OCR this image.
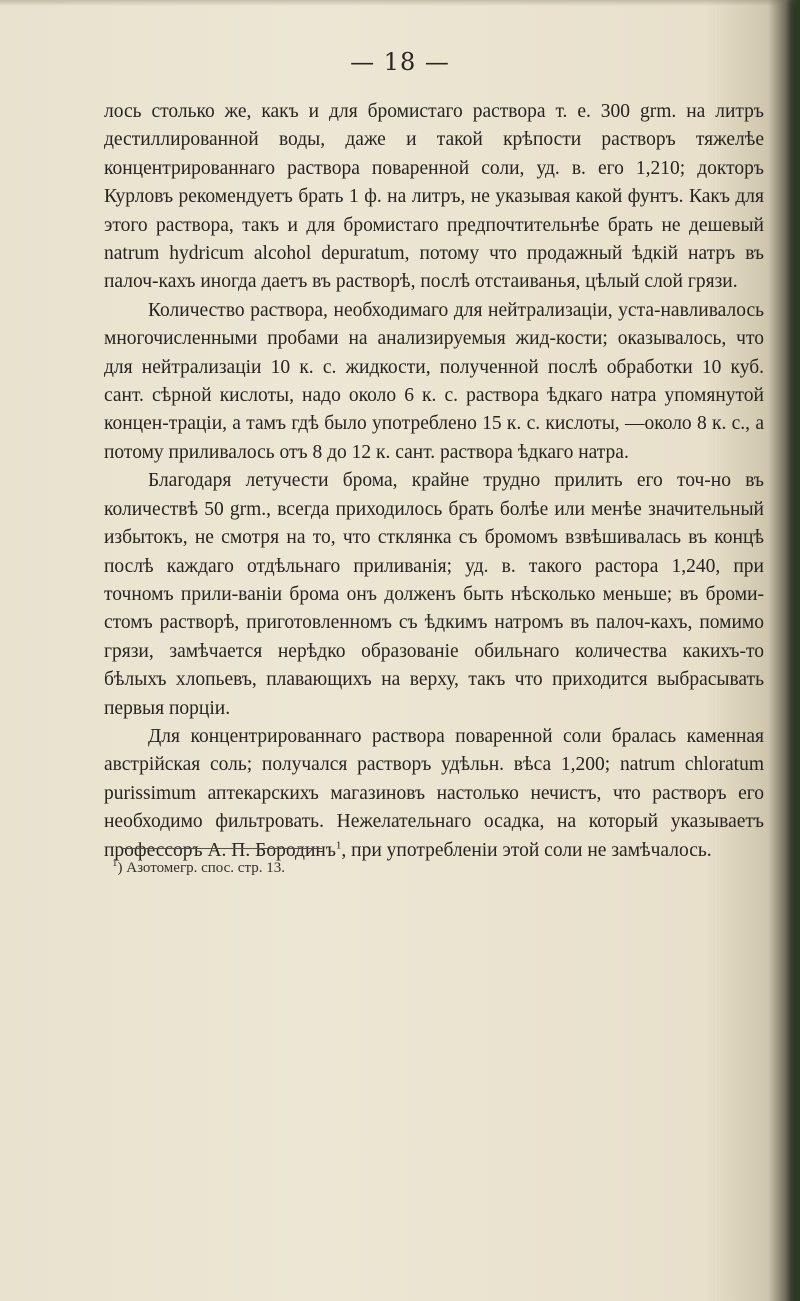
— 18 —

лось столько же, какъ и для бромистаго раствора т. е. 300 grm. на литръ дестиллированной воды, даже и такой крѣпости растворъ тяжелѣе концентрированнаго раствора поваренной соли, уд. в. его 1,210; докторъ Курловъ рекомендуетъ брать 1 ф. на литръ, не указывая какой фунтъ. Какъ для этого раствора, такъ и для бромистаго предпочтительнѣе брать не дешевый natrum hydricum alcohol depuratum, потому что продажный ѣдкій натръ въ палоч-кахъ иногда даетъ въ растворѣ, послѣ отстаиванья, цѣлый слой грязи.

Количество раствора, необходимаго для нейтрализаціи, уста-навливалось многочисленными пробами на анализируемыя жид-кости; оказывалось, что для нейтрализаціи 10 к. с. жидкости, полученной послѣ обработки 10 куб. сант. сѣрной кислоты, надо около 6 к. с. раствора ѣдкаго натра упомянутой концен-траціи, а тамъ гдѣ было употреблено 15 к. с. кислоты, —около 8 к. с., а потому приливалось отъ 8 до 12 к. сант. раствора ѣдкаго натра.

Благодаря летучести брома, крайне трудно прилить его точ-но въ количествѣ 50 grm., всегда приходилось брать болѣе или менѣе значительный избытокъ, не смотря на то, что стклянка съ бромомъ взвѣшивалась въ концѣ послѣ каждаго отдѣльнаго приливанія; уд. в. такого растора 1,240, при точномъ прили-ваніи брома онъ долженъ быть нѣсколько меньше; въ броми-стомъ растворѣ, приготовленномъ съ ѣдкимъ натромъ въ палоч-кахъ, помимо грязи, замѣчается нерѣдко образованіе обильнаго количества какихъ-то бѣлыхъ хлопьевъ, плавающихъ на верху, такъ что приходится выбрасывать первыя порціи.

Для концентрированнаго раствора поваренной соли бралась каменная австрійская соль; получался растворъ удѣльн. вѣса 1,200; natrum chloratum purissimum аптекарскихъ магазиновъ настолько нечистъ, что растворъ его необходимо фильтровать. Нежелательнаго осадка, на который указываетъ профессоръ А. П. Бородинъ$^1$, при употребленіи этой соли не замѣчалось.

$^1$) Азотомегр. спос. стр. 13.
